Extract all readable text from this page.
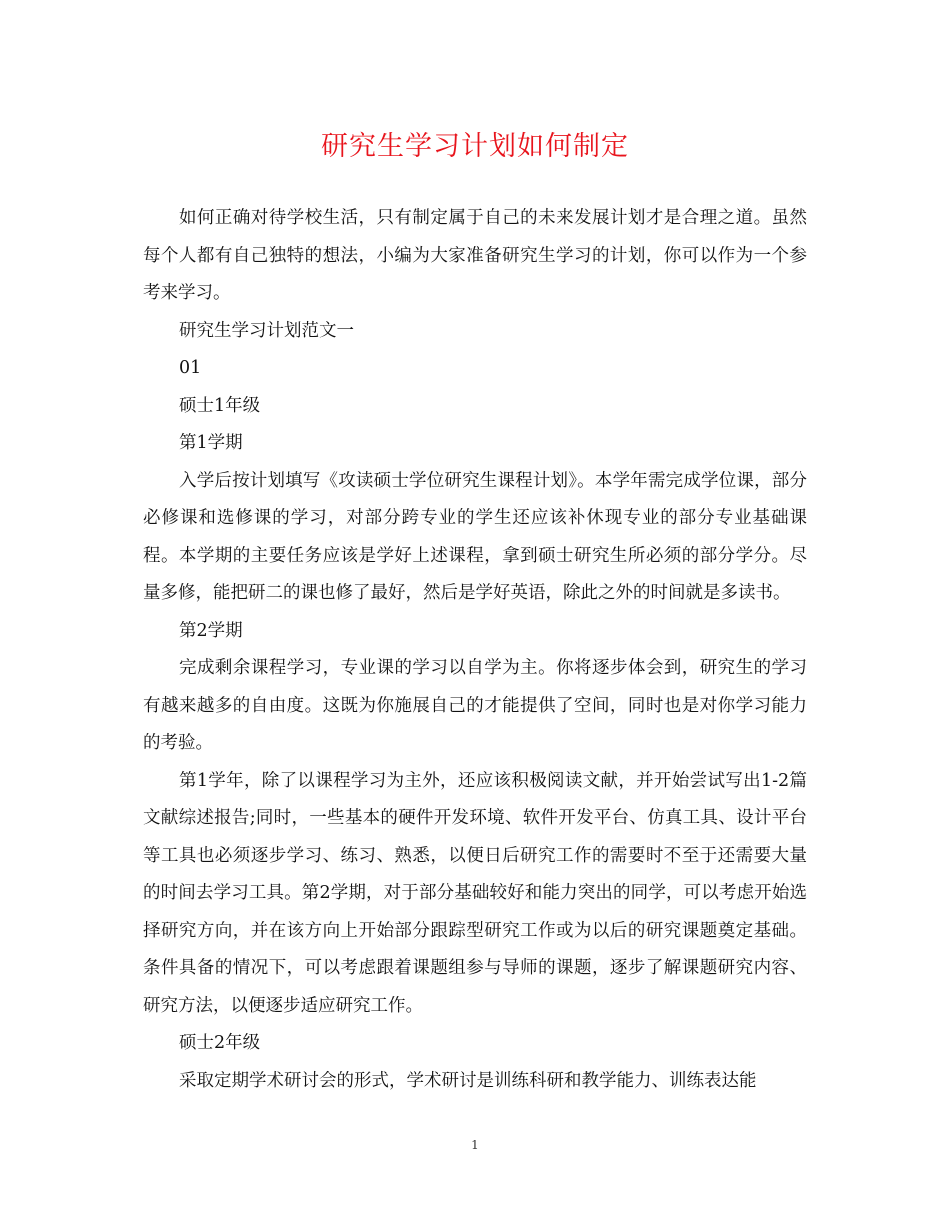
研究生学习计划如何制定

如何正确对待学校生活，只有制定属于自己的未来发展计划才是合理之道。虽然每个人都有自己独特的想法，小编为大家准备研究生学习的计划，你可以作为一个参考来学习。

研究生学习计划范文一

01

硕士1年级

第1学期

入学后按计划填写《攻读硕士学位研究生课程计划》。本学年需完成学位课，部分必修课和选修课的学习，对部分跨专业的学生还应该补休现专业的部分专业基础课程。本学期的主要任务应该是学好上述课程，拿到硕士研究生所必须的部分学分。尽量多修，能把研二的课也修了最好，然后是学好英语，除此之外的时间就是多读书。

第2学期

完成剩余课程学习，专业课的学习以自学为主。你将逐步体会到，研究生的学习有越来越多的自由度。这既为你施展自己的才能提供了空间，同时也是对你学习能力的考验。

第1学年，除了以课程学习为主外，还应该积极阅读文献，并开始尝试写出1-2篇文献综述报告;同时，一些基本的硬件开发环境、软件开发平台、仿真工具、设计平台等工具也必须逐步学习、练习、熟悉，以便日后研究工作的需要时不至于还需要大量的时间去学习工具。第2学期，对于部分基础较好和能力突出的同学，可以考虑开始选择研究方向，并在该方向上开始部分跟踪型研究工作或为以后的研究课题奠定基础。条件具备的情况下，可以考虑跟着课题组参与导师的课题，逐步了解课题研究内容、研究方法，以便逐步适应研究工作。

硕士2年级

采取定期学术研讨会的形式，学术研讨是训练科研和教学能力、训练表达能

1
